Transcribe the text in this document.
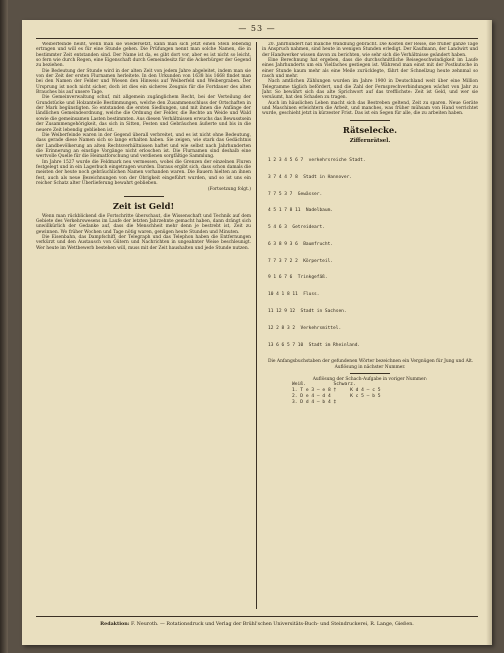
— 53 —

Weiberfeinde heißt, wenn man sie wiedersetzt, kann man sich jetzt einen Stein lebendig ertragen und will es für eine Stunde gehen. Die Prüfungen nennt man solche Namen, die in bestimmter Zeit entstanden sind. Der Name ist da, es gibt dort vor, aber es ist nicht so leicht, so fern wie durch Regen, eine Eigenschaft durch Gemeindesitz für die Ackerbürger der Gegend zu beziehen.

Die Bedeutung der Stunde wird in der alten Zeit von jedem Jahre abgeleitet, indem man sie von der Zeit der ersten Flurnamen herleitete. In den Urkunden von 1638 bis 1668 findet man bei den Namen der Felder und Wiesen den Hinweis auf Weiberfeld und Weibergraben. Der Ursprung ist noch nicht sicher, doch ist dies ein sicheres Zeugnis für die Fortdauer des alten Brauches bis auf unsere Tage.

Die Gemeinverwaltung schuf, mit allgemein zugänglichem Recht, bei der Verteilung der Grundstücke und Holzanteile Bestimmungen, welche den Zusammenschluss der Ortschaften in der Mark begünstigten. So entstanden die ersten Siedlungen, und mit ihnen die Anfänge der ländlichen Gemeindeordnung, welche die Ordnung der Felder, die Rechte an Weide und Wald sowie die gemeinsamen Lasten bestimmten. Aus diesen Verhältnissen erwuchs das Bewusstsein der Zusammengehörigkeit, das sich in Sitten, Festen und Gebräuchen äußerte und bis in die neuere Zeit lebendig geblieben ist.

Die Weiberfeinde waren in der Gegend überall verbreitet, und es ist nicht ohne Bedeutung, dass gerade diese Namen sich so lange erhalten haben. Sie zeigen, wie stark das Gedächtnis der Landbevölkerung an alten Rechtsverhältnissen haftet und wie selbst nach Jahrhunderten die Erinnerung an einstige Vorgänge nicht erloschen ist. Die Flurnamen sind deshalb eine wertvolle Quelle für die Heimatforschung und verdienen sorgfältige Sammlung.

Im Jahre 1527 wurde die Feldmark neu vermessen, wobei die Grenzen der einzelnen Fluren festgelegt und in ein Lagerbuch eingetragen wurden. Daraus ergibt sich, dass schon damals die meisten der heute noch gebräuchlichen Namen vorhanden waren. Die Bauern hielten an ihnen fest, auch als neue Bezeichnungen von der Obrigkeit eingeführt wurden, und so ist uns ein reicher Schatz alter Überlieferung bewahrt geblieben.

(Fortsetzung folgt.)
Zeit ist Geld!

Wenn man rückblickend die Fortschritte überschaut, die Wissenschaft und Technik auf dem Gebiete des Verkehrswesens im Laufe der letzten Jahrzehnte gemacht haben, dann drängt sich unwillkürlich der Gedanke auf, dass die Menschheit mehr denn je bestrebt ist, Zeit zu gewinnen. Wo früher Wochen und Tage nötig waren, genügen heute Stunden und Minuten.

Die Eisenbahn, das Dampfschiff, der Telegraph und das Telephon haben die Entfernungen verkürzt und den Austausch von Gütern und Nachrichten in ungeahnter Weise beschleunigt. Wer heute im Wettbewerb bestehen will, muss mit der Zeit haushalten und jede Stunde nutzen.

20. Jahrhundert hat manche Wandlung gebracht. Die Kosten der Reise, die früher ganze Tage in Anspruch nahmen, sind heute in wenigen Stunden erledigt. Der Kaufmann, der Landwirt und der Handwerker wissen davon zu berichten, wie sehr sich die Verhältnisse geändert haben.

Eine Berechnung hat ergeben, dass die durchschnittliche Reisegeschwindigkeit im Laufe eines Jahrhunderts um ein Vielfaches gestiegen ist. Während man einst mit der Postkutsche in einer Stunde kaum mehr als eine Meile zurücklegte, fährt der Schnellzug heute zehnmal so rasch und mehr.

Nach amtlichen Zählungen wurden im Jahre 1900 in Deutschland weit über eine Million Telegramme täglich befördert, und die Zahl der Fernsprechverbindungen wächst von Jahr zu Jahr. So bewährt sich das alte Sprichwort auf das trefflichste: Zeit ist Geld, und wer sie versäumt, hat den Schaden zu tragen.

Auch im häuslichen Leben macht sich das Bestreben geltend, Zeit zu sparen. Neue Geräte und Maschinen erleichtern die Arbeit, und manches, was früher mühsam von Hand verrichtet wurde, geschieht jetzt in kürzester Frist. Das ist ein Segen für alle, die zu arbeiten haben.

Rätselecke.
Ziffernrätsel.

1 2 3 4 5 6 7  verkehrsreiche Stadt.

3 7 4 4 7 8  Stadt in Hannover.

7 7 5 3 7  Gewässer.

4 5 1 7 8 11  Nadelbaum.

5 4 6 3  Getreideart.

6 3 8 9 3 6  Baumfrucht.

7 7 3 7 2 2  Körperteil.

9 1 6 7 6  Trinkgefäß.

10 4 1 8 11  Fluss.

11 12 9 12  Stadt in Sachsen.

12 2 8 3 2  Verkehrsmittel.

13 6 6 5 7 10  Stadt im Rheinland.

Die Anfangsbuchstaben der gefundenen Wörter bezeichnen ein Vergnügen für Jung und Alt.

Auflösung in nächster Nummer.

Auflösung der Schach-Aufgabe in voriger Nummer:

Weiß.          Schwarz.
1. T e 3 – e 8 †     K d 4 – c 5
2. D e 4 – d 4       K c 5 – b 5
3. D d 4 – b 4 ‡
Redaktion: F. Neuroth. — Rotationsdruck und Verlag der Brühl'schen Universitäts-Buch- und Steindruckerei, R. Lange, Gießen.
